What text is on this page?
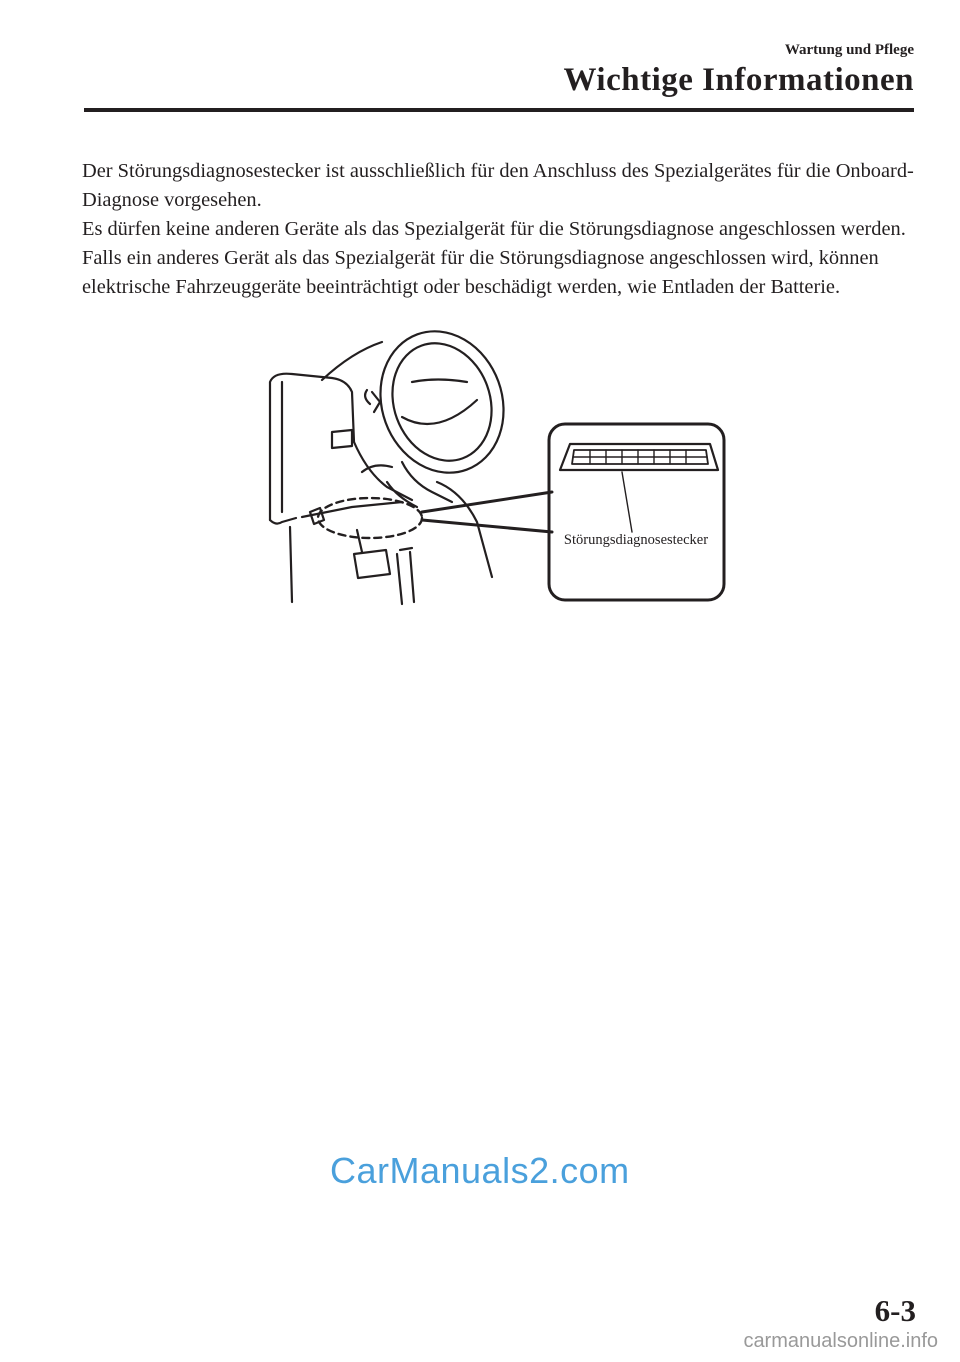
Wartung und Pflege
Wichtige Informationen

Der Störungsdiagnosestecker ist ausschließlich für den Anschluss des Spezialgerätes für die Onboard-Diagnose vorgesehen.

Es dürfen keine anderen Geräte als das Spezialgerät für die Störungsdiagnose angeschlossen werden. Falls ein anderes Gerät als das Spezialgerät für die Störungsdiagnose angeschlossen wird, können elektrische Fahrzeuggeräte beeinträchtigt oder beschädigt werden, wie Entladen der Batterie.

Störungsdiagnosestecker
6-3
CarManuals2.com
carmanualsonline.info
